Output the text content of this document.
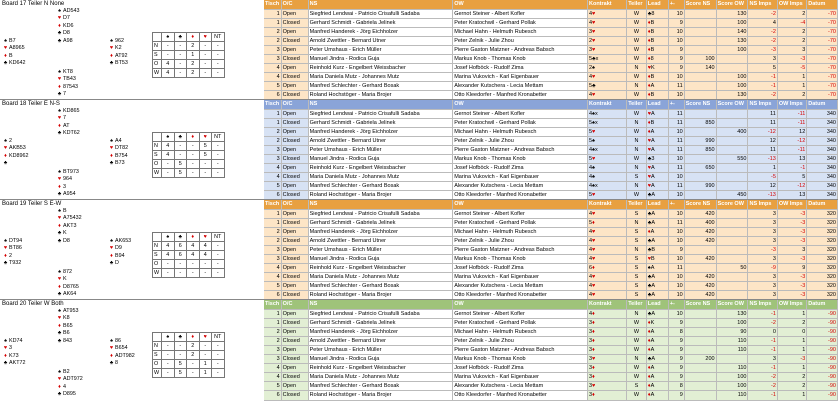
Board 17 Teiler N None
♠ AD543
♥ D7
♦ KD6
♣ D8
♠ B7
♥ A8965
♦ B
♣ KD642
♠ 962
♥ K2
♦ AT92
♣ BT53
♠ KT8
♥ TB43
♦ 87543
♣ 7
♣ A98
	♠	♣	♦	♥	NT
N	-	-	2	-	-
S	-	-	1	-	-
O	4	-	2	-	-
W	4	-	2	-	-
Tisch	O/C	NS	OW	Kontrakt	Teiler	Lead	+-	Score NS	Score OW	NS Imps	OW Imps	Datum
1	Open	Siegfried Lendwai - Patricio Crisafulli Sadaba	Gernot Steiner - Albert Kofler	4♥	W	♣8	10		130	-2	2	-70
1	Closed	Gerhard Schmidt - Gabriela Jelinek	Peter Kratochwil - Gerhard Pollak	4♥	W	♦B	9		100	4	-4	-70
2	Open	Manfred Handerek - Jörg Eichholzer	Michael Hahn - Helmuth Rubesch	3♥	W	♦B	10		140	-2	2	-70
2	Closed	Arnold Zwettler - Bernard Utner	Peter Zelnik - Julie Zhou	2♥	W	♦B	10		130	-2	2	-70
3	Open	Peter Umshaus - Erich Müller	Pierre Gaston Matzner - Andreas Babsch	3♥	W	♦B	9		100	-3	3	-70
3	Closed	Manuel Jindra - Rodica Guja	Markus Knob - Thomas Knob	5♣x	W	♦8	9	100		3	-3	-70
4	Open	Reinhold Kurz - Engelbert Weissbacher	Josef Hofböck - Rudolf Zima	2♠	N	♥K	9	140		5	-5	-70
4	Closed	Maria Daniela Mutz - Johannes Mutz	Marina Vukovich - Karl Eigenbauer	4♥	W	♦B	10		100	-1	1	-70
5	Open	Manfred Schlechter - Gerhard Bosak	Alexander Kutschera - Lecia Mettam	5♣	N	♦A	11		100	-1	1	-70
6	Closed	Roland Hochstöger - Maria Brojer	Otto Kleedorfer - Manfred Kronabetter	4♥	W	♦B	10		130	-2	2	-70
Board 18 Teiler E N-S
♠ KD865
♥ 7
♦ AT
♣ KDT62
♠ 2
♥ AKB53
♦ KD8962
♣
♠ A4
♥ DT82
♦ B754
♣ B73
♠ BT973
♥ 964
♦ 3
♣ A954
	♠	♣	♦	♥	NT
N	4	-	-	5	-
S	4	-	-	5	-
O	-	5	-	-	-
W	-	5	-	-	-
Tisch	O/C	NS	OW	Kontrakt	Teiler	Lead	+-	Score NS	Score OW	NS Imps	OW Imps	Datum
1	Open	Siegfried Lendwai - Patricio Crisafulli Sadaba	Gernot Steiner - Albert Kofler	4♠x	W	♥A	11			11	-11	340
1	Closed	Gerhard Schmidt - Gabriela Jelinek	Peter Kratochwil - Gerhard Pollak	5♠x	N	♦B	11	850		11	-11	340
2	Open	Manfred Handerek - Jörg Eichholzer	Michael Hahn - Helmuth Rubesch	5♥	W	♦A	10		400	-12	12	340
2	Closed	Arnold Zwettler - Bernard Utner	Peter Zelnik - Julie Zhou	5♠	N	♥A	11	990		12	-12	340
3	Open	Peter Umshaus - Erich Müller	Pierre Gaston Matzner - Andreas Babsch	4♠x	N	♥A	11	850		11	-11	340
3	Closed	Manuel Jindra - Rodica Guja	Markus Knob - Thomas Knob	5♥	W	♣3	10		550	-13	13	340
4	Open	Reinhold Kurz - Engelbert Weissbacher	Josef Hofböck - Rudolf Zima	4♠	N	♥A	11	650		1	-1	340
4	Closed	Maria Daniela Mutz - Johannes Mutz	Marina Vukovich - Karl Eigenbauer	4♠	S	♥A	10			-5	5	340
5	Open	Manfred Schlechter - Gerhard Bosak	Alexander Kutschera - Lecia Mettam	4♠x	N	♥A	11	990		12	-12	340
6	Closed	Roland Hochstöger - Maria Brojer	Otto Kleedorfer - Manfred Kronabetter	5♥	W	♣A	10		450	-13	13	340
Board 19 Teiler S E-W
♠ B
♥ A75432
♦ AKT3
♣ K
♠ DT94
♥ BT86
♦ 2
♣ T932
♠ AK653
♥ D9
♦ B94
♣ D
♠ 872
♥ K
♦ D8765
♣ AK64
♣ D8
	♠	♣	♦	♥	NT
N	4	6	4	4	-
S	4	6	4	4	-
O	-	-	-	-	-
W	-	-	-	-	-
Tisch	O/C	NS	OW	Kontrakt	Teiler	Lead	+-	Score NS	Score OW	NS Imps	OW Imps	Datum
1	Open	Siegfried Lendwai - Patricio Crisafulli Sadaba	Gernot Steiner - Albert Kofler	4♥	S	♣A	10	420		3	-3	320
1	Closed	Gerhard Schmidt - Gabriela Jelinek	Peter Kratochwil - Gerhard Pollak	5♦	N	♣A	11	400		3	-3	320
2	Open	Manfred Handerek - Jörg Eichholzer	Michael Hahn - Helmuth Rubesch	4♥	S	♦A	10	420		3	-3	320
2	Closed	Arnold Zwettler - Bernard Utner	Peter Zelnik - Julie Zhou	4♥	S	♣A	10	420		3	-3	320
3	Open	Peter Umshaus - Erich Müller	Pierre Gaston Matzner - Andreas Babsch	4♥	N	♣B	9			-3	3	320
3	Closed	Manuel Jindra - Rodica Guja	Markus Knob - Thomas Knob	4♥	S	♥B	10	420		3	-3	320
4	Open	Reinhold Kurz - Engelbert Weissbacher	Josef Hofböck - Rudolf Zima	6♦	S	♠A	11		50	-9	9	320
4	Closed	Maria Daniela Mutz - Johannes Mutz	Marina Vukovich - Karl Eigenbauer	4♥	S	♣A	10	420		3	-3	320
5	Open	Manfred Schlechter - Gerhard Bosak	Alexander Kutschera - Lecia Mettam	4♥	S	♣A	10	420		3	-3	320
6	Closed	Roland Hochstöger - Maria Brojer	Otto Kleedorfer - Manfred Kronabetter	4♥	S	♣A	10	420		3	-3	320
Board 20 Teiler W Both
♠ AT953
♥ K8
♦ B65
♣ B6
♠ KD74
♥ 3
♦ K73
♣ AKT72
♠ 86
♥ B654
♦ ADT982
♣ 8
♠ B2
♥ ADT972
♦ 4
♣ D895
♣ 843
	♠	♣	♦	♥	NT
N	-	-	2	-	-
S	-	-	2	-	-
O	-	5	-	1	-
W	-	5	-	1	-
Tisch	O/C	NS	OW	Kontrakt	Teiler	Lead	+-	Score NS	Score OW	NS Imps	OW Imps	Datum
1	Open	Siegfried Lendwai - Patricio Crisafulli Sadaba	Gernot Steiner - Albert Kofler	4♦	N	♣A	10		130	-1	1	-90
1	Closed	Gerhard Schmidt - Gabriela Jelinek	Peter Kratochwil - Gerhard Pollak	3♦	W	♦K	9		100	-2	2	-90
2	Open	Manfred Handerek - Jörg Eichholzer	Michael Hahn - Helmuth Rubesch	3♦	W	♦A	8		90	0	0	-90
2	Closed	Arnold Zwettler - Bernard Utner	Peter Zelnik - Julie Zhou	3♦	W	♦A	9		110	-1	1	-90
3	Open	Peter Umshaus - Erich Müller	Pierre Gaston Matzner - Andreas Babsch	3♦	W	♦A	9		110	-1	1	-90
3	Closed	Manuel Jindra - Rodica Guja	Markus Knob - Thomas Knob	3♥	N	♣A	9	200		3	-3	-90
4	Open	Reinhold Kurz - Engelbert Weissbacher	Josef Hofböck - Rudolf Zima	3♦	W	♦A	9		110	-1	1	-90
4	Closed	Maria Daniela Mutz - Johannes Mutz	Marina Vukovich - Karl Eigenbauer	3♦	W	♦A	9		100	-2	2	-90
5	Open	Manfred Schlechter - Gerhard Bosak	Alexander Kutschera - Lecia Mettam	3♥	S	♦A	8		100	-2	2	-90
6	Closed	Roland Hochstöger - Maria Brojer	Otto Kleedorfer - Manfred Kronabetter	3♦	W	♦A	9		110	-1	1	-90
